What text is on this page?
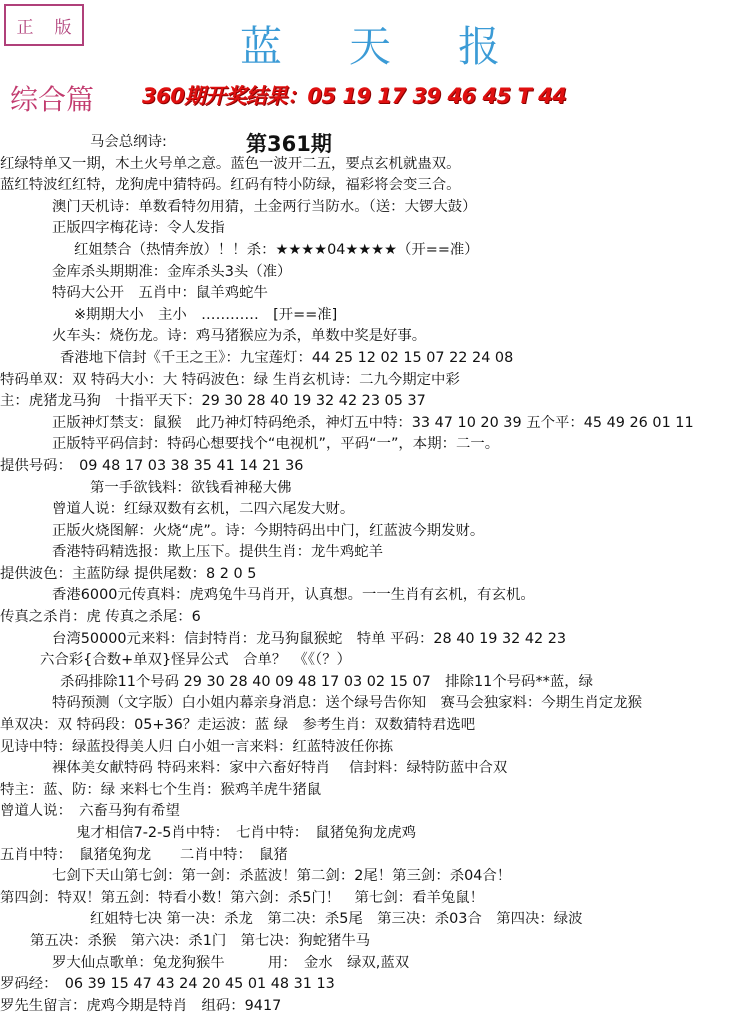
正 版	蓝 天 报
综合篇 360期开奖结果：05 19 17 39 46 45 T 44
第361期
马会总纲诗:
红绿特单又一期，木土火号单之意。蓝色一波开二五，要点玄机就蛊双。
蓝红特波红红特，龙狗虎中猜特码。红码有特小防绿，福彩将会变三合。
澳门天机诗：单数看特勿用猜，土金两行当防水。（送：大锣大鼓）
正版四字梅花诗：令人发指
红姐禁合（热情奔放）！！杀：★★★★04★★★★（开==准）
金库杀头期期准：金库杀头3头（准）
特码大公开　五肖中：鼠羊鸡蛇牛
※期期大小　主小　…………　[开==准]
火车头：烧伤龙。诗：鸡马猪猴应为杀，单数中奖是好事。
香港地下信封《千王之王》：九宝莲灯：44 25 12 02 15 07 22 24 08
特码单双：双 特码大小：大 特码波色：绿 生肖玄机诗：二九今期定中彩
主：虎猪龙马狗　十指平天下：29 30 28 40 19 32 42 23 05 37
正版神灯禁支：鼠猴　此乃神灯特码绝杀，神灯五中特：33 47 10 20 39 五个平：45 49 26 01 11
正版特平码信封：特码心想要找个“电视机”，平码“一”，本期：二一。
提供号码：　09 48 17 03 38 35 41 14 21 36
第一手欲钱料：欲钱看神秘大佛
曾道人说：红绿双数有玄机，二四六尾发大财。
正版火烧图解：火烧“虎”。诗：今期特码出中门，红蓝波今期发财。
香港特码精选报：欺上压下。提供生肖：龙牛鸡蛇羊
提供波色：主蓝防绿 提供尾数：8 2 0 5
香港6000元传真料：虎鸡兔牛马肖开，认真想。一一生肖有玄机，有玄机。
传真之杀肖：虎 传真之杀尾：6
台湾50000元来料：信封特肖：龙马狗鼠猴蛇　特单 平码：28 40 19 32 42 23
六合彩{合数+单双}怪异公式　合单？　《《（？）
杀码排除11个号码 29 30 28 40 09 48 17 03 02 15 07　排除11个号码**蓝，绿
特码预测（文字版）白小姐内幕亲身消息：送个绿号告你知　赛马会独家料：今期生肖定龙猴
单双决：双 特码段：05+36？走运波：蓝 绿　参考生肖：双数猜特君选吧
见诗中特：绿蓝投得美人归 白小姐一言来料：红蓝特波任你拣
裸体美女献特码 特码来料：家中六畜好特肖　 信封料：绿特防蓝中合双
特主：蓝、防：绿 来料七个生肖：猴鸡羊虎牛猪鼠
曾道人说：　六畜马狗有希望
鬼才相信7-2-5肖中特：　七肖中特：　鼠猪兔狗龙虎鸡
五肖中特：　鼠猪兔狗龙　　二肖中特：　鼠猪
七剑下天山第七剑：第一剑：杀蓝波！第二剑：2尾！第三剑：杀04合！
第四剑：特双！第五剑：特看小数！第六剑：杀5门！　第七剑：看羊兔鼠！
红姐特七决 第一决：杀龙　第二决：杀5尾　第三决：杀03合　第四决：绿波
第五决：杀猴　第六决：杀1门　第七决：狗蛇猪牛马
罗大仙点歌单：兔龙狗猴牛　　　用：　金水　绿双,蓝双
罗码经：　06 39 15 47 43 24 20 45 01 48 31 13
罗先生留言：虎鸡今期是特肖　组码：9417
